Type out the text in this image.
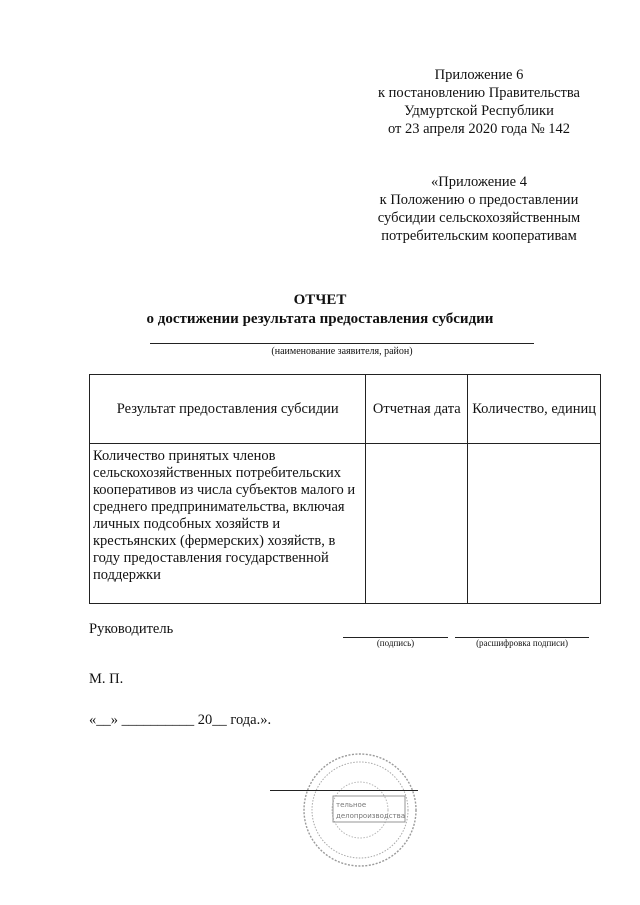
Приложение 6
к постановлению Правительства
Удмуртской Республики
от 23 апреля 2020 года № 142
«Приложение 4
к Положению о предоставлении
субсидии сельскохозяйственным
потребительским кооперативам
ОТЧЕТ
о достижении результата предоставления субсидии
(наименование заявителя, район)
Результат предоставления субсидии	Отчетная дата	Количество, единиц
Количество принятых членов сельскохозяйственных потребительских кооперативов из числа субъектов малого и среднего предпринимательства, включая личных подсобных хозяйств и крестьянских (фермерских) хозяйств, в году предоставления государственной поддержки		
Руководитель
(подпись)	(расшифровка подписи)
М. П.
«__» __________ 20__ года.».
тельное
делопроизводства
